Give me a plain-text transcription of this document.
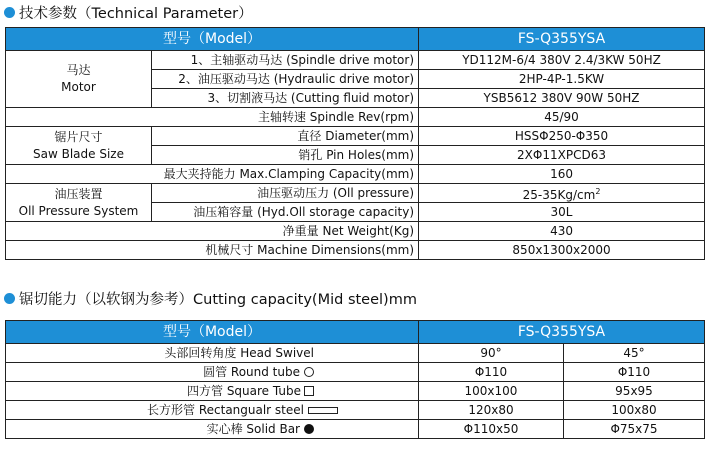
技术参数（Technical Parameter）
型号（Model）		FS-Q355YSA
马达
Motor	1、主轴驱动马达 (Spindle drive motor)	YD112M-6/4 380V 2.4/3KW 50HZ
	2、油压驱动马达 (Hydraulic drive motor)	2HP-4P-1.5KW
	3、切割液马达 (Cutting fluid motor)	YSB5612 380V 90W 50HZ
主轴转速 Spindle Rev(rpm)		45/90
锯片尺寸
Saw Blade Size	直径 Diameter(mm)	HSSΦ250-Φ350
	销孔 Pin Holes(mm)	2XΦ11XPCD63
最大夹持能力 Max.Clamping Capacity(mm)		160
油压装置
Oll Pressure System	油压驱动压力 (Oll pressure)	$25-35Kg/cm^2$
	油压箱容量 (Hyd.Oll storage capacity)	30L
净重量 Net Weight(Kg)		430
机械尺寸 Machine Dimensions(mm)		850x1300x2000
锯切能力（以软钢为参考）Cutting capacity(Mid steel)mm
型号（Model）	FS-Q355YSA	
头部回转角度 Head Swivel	90°	45°
圆管 Round tube	Φ110	Φ110
四方管 Square Tube	100x100	95x95
长方形管 Rectangualr steel	120x80	100x80
实心棒 Solid Bar	Φ110x50	Φ75x75
